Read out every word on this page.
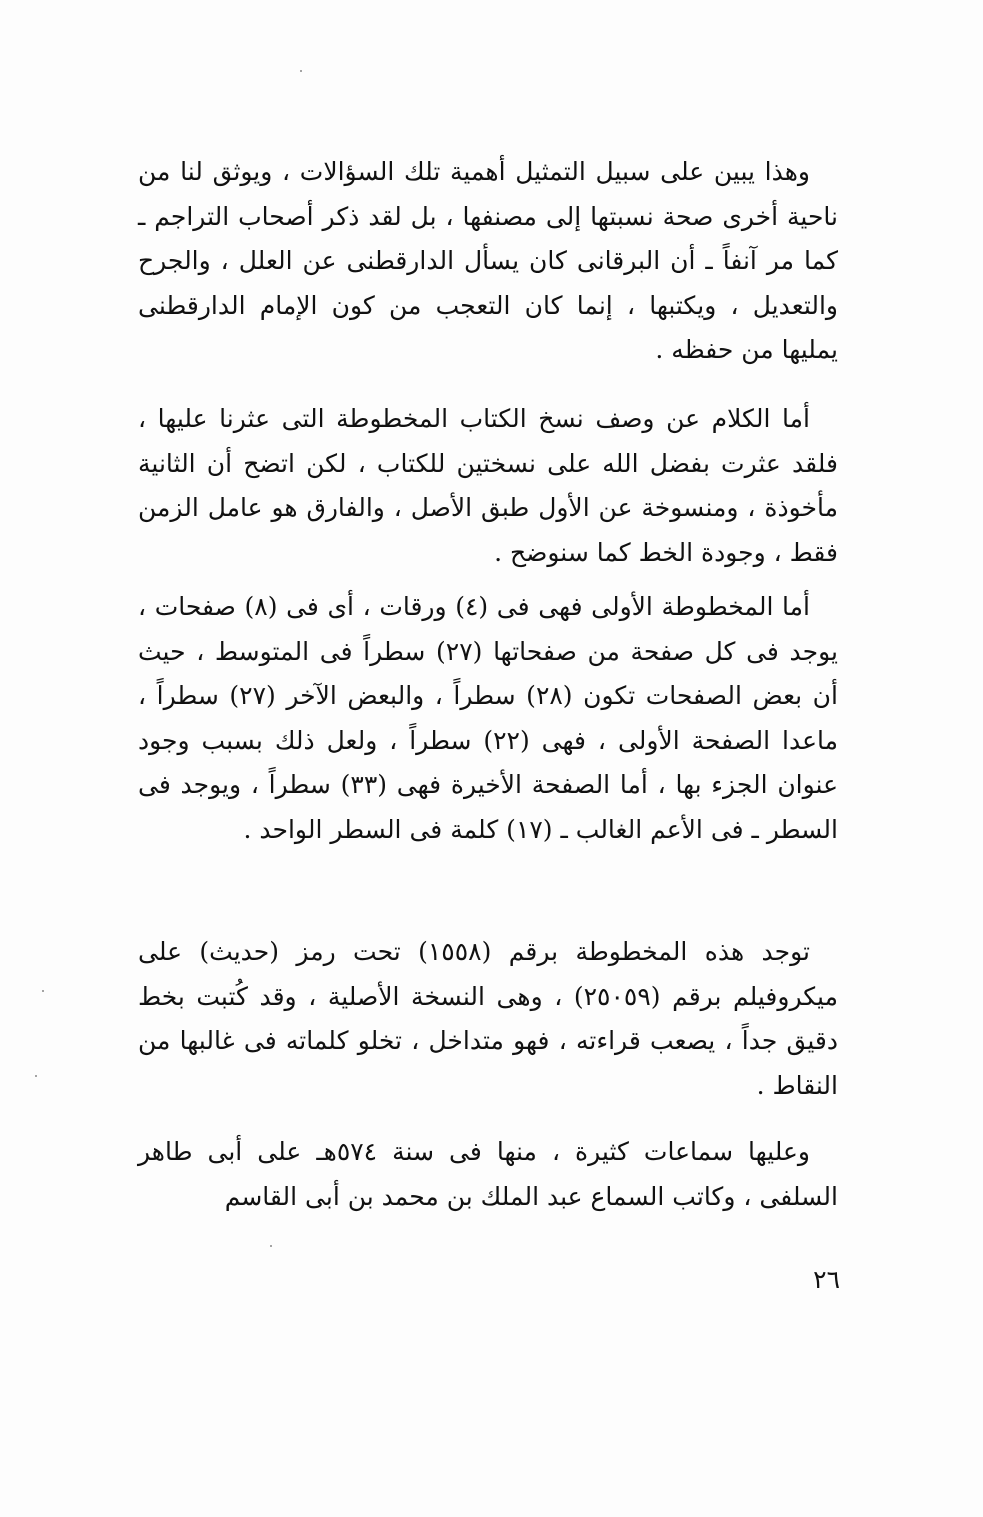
وهذا يبين على سبيل التمثيل أهمية تلك السؤالات ، ويوثق لنا من ناحية أخرى صحة نسبتها إلى مصنفها ، بل لقد ذكر أصحاب التراجم ـ كما مر آنفاً ـ أن البرقانى كان يسأل الدارقطنى عن العلل ، والجرح والتعديل ، ويكتبها ، إنما كان التعجب من كون الإمام الدارقطنى يمليها من حفظه .

أما الكلام عن وصف نسخ الكتاب المخطوطة التى عثرنا عليها ، فلقد عثرت بفضل الله على نسختين للكتاب ، لكن اتضح أن الثانية مأخوذة ، ومنسوخة عن الأول طبق الأصل ، والفارق هو عامل الزمن فقط ، وجودة الخط كما سنوضح .

أما المخطوطة الأولى فهى فى (٤) ورقات ، أى فى (٨) صفحات ، يوجد فى كل صفحة من صفحاتها (٢٧) سطراً فى المتوسط ، حيث أن بعض الصفحات تكون (٢٨) سطراً ، والبعض الآخر (٢٧) سطراً ، ماعدا الصفحة الأولى ، فهى (٢٢) سطراً ، ولعل ذلك بسبب وجود عنوان الجزء بها ، أما الصفحة الأخيرة فهى (٣٣) سطراً ، ويوجد فى السطر ـ فى الأعم الغالب ـ (١٧) كلمة فى السطر الواحد .

توجد هذه المخطوطة برقم (١٥٥٨) تحت رمز (حديث) على ميكروفيلم برقم (٢٥٠٥٩) ، وهى النسخة الأصلية ، وقد كُتبت بخط دقيق جداً ، يصعب قراءته ، فهو متداخل ، تخلو كلماته فى غالبها من النقاط .

وعليها سماعات كثيرة ، منها فى سنة ٥٧٤هـ على أبى طاهر السلفى ، وكاتب السماع عبد الملك بن محمد بن أبى القاسم

٢٦
